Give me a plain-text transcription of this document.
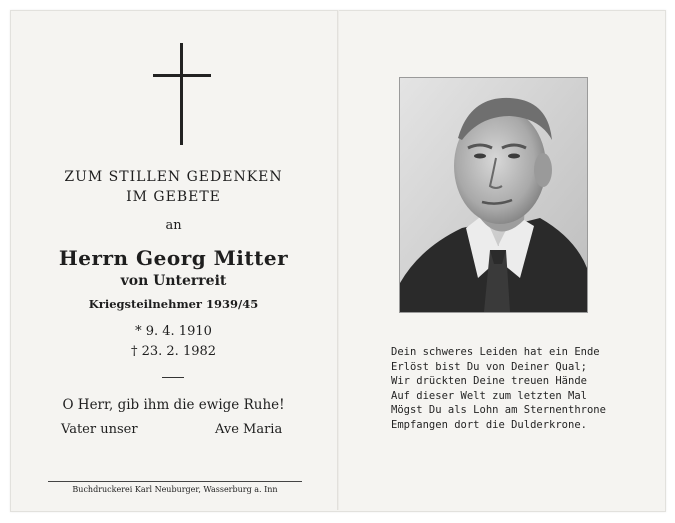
ZUM STILLEN GEDENKEN
IM GEBETE
an
Herrn Georg Mitter
von Unterreit
Kriegsteilnehmer 1939/45
* 9. 4. 1910
† 23. 2. 1982
O Herr, gib ihm die ewige Ruhe!
Vater unser	Ave Maria
Buchdruckerei Karl Neuburger, Wasserburg a. Inn
Dein schweres Leiden hat ein Ende
Erlöst bist Du von Deiner Qual;
Wir drückten Deine treuen Hände
Auf dieser Welt zum letzten Mal
Mögst Du als Lohn am Sternenthrone
Empfangen dort die Dulderkrone.
